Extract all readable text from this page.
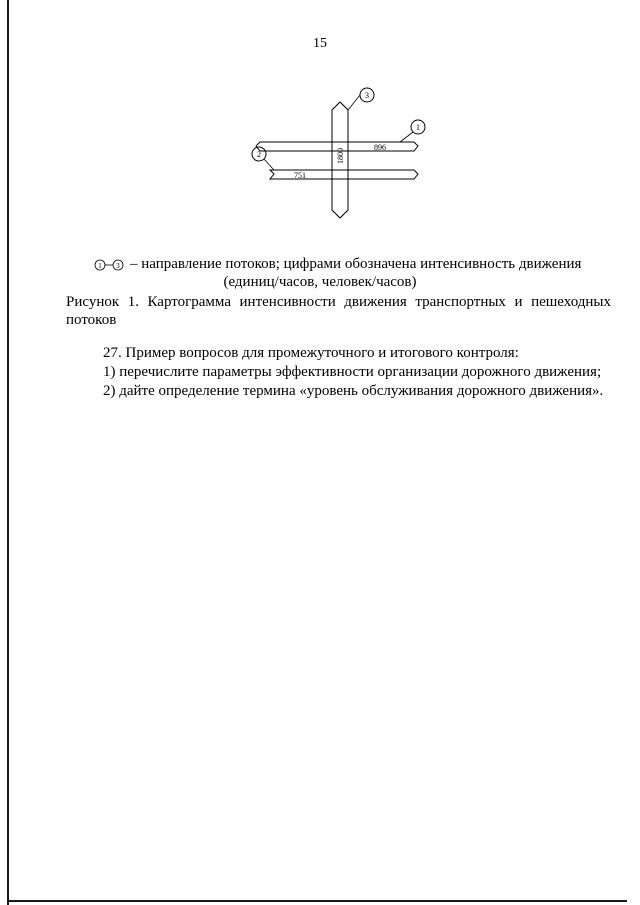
15
1800
896
751
3
1
2
1 3 – направление потоков; цифрами обозначена интенсивность движения
(единиц/часов, человек/часов)
Рисунок 1. Картограмма интенсивности движения транспортных и пешеходных потоков
27. Пример вопросов для промежуточного и итогового контроля:
1) перечислите параметры эффективности организации дорожного движения;
2) дайте определение термина «уровень обслуживания дорожного движения».
